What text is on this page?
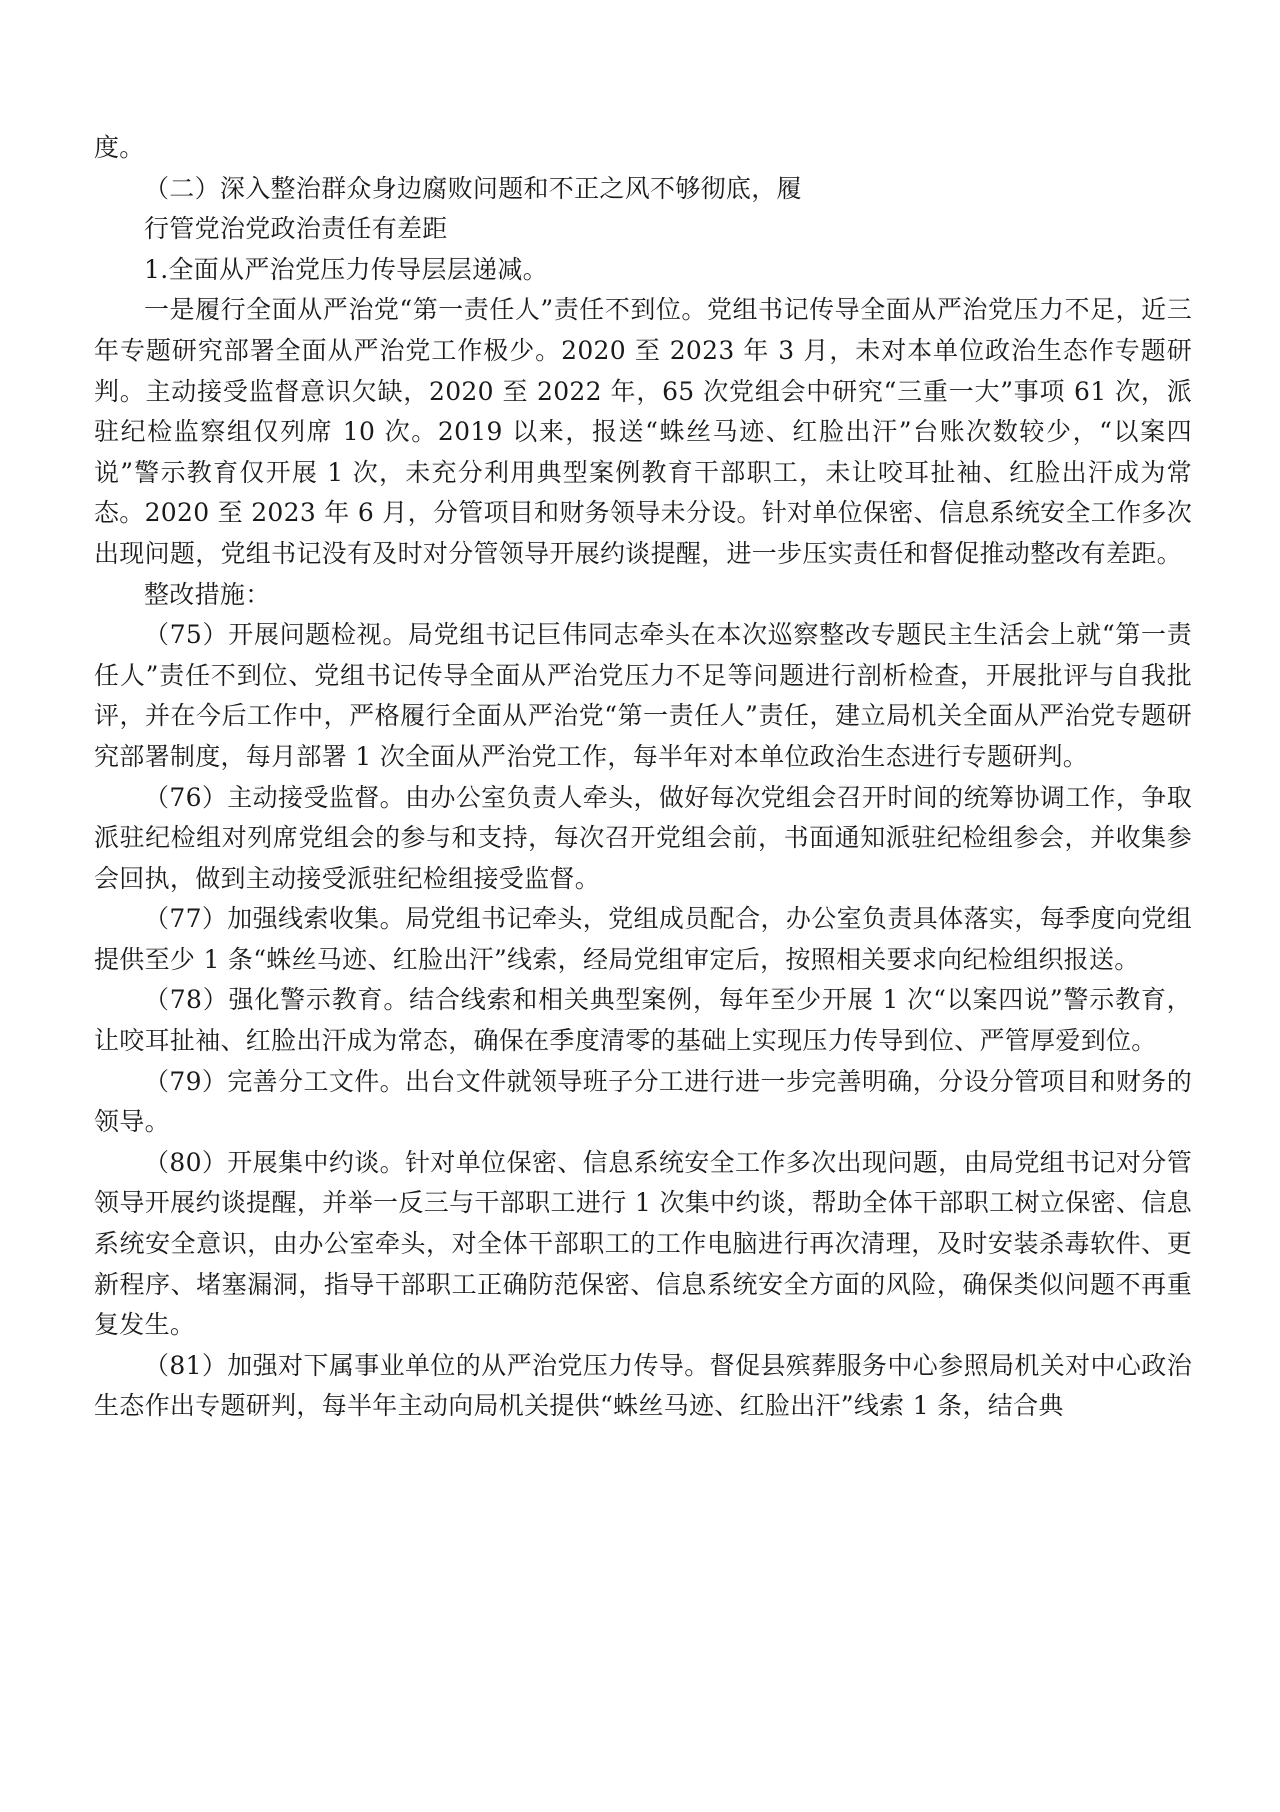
度。

（二）深入整治群众身边腐败问题和不正之风不够彻底，履

行管党治党政治责任有差距

1.全面从严治党压力传导层层递减。

一是履行全面从严治党“第一责任人”责任不到位。党组书记传导全面从严治党压力不足，近三年专题研究部署全面从严治党工作极少。2020 至 2023 年 3 月，未对本单位政治生态作专题研判。主动接受监督意识欠缺，2020 至 2022 年，65 次党组会中研究“三重一大”事项 61 次，派驻纪检监察组仅列席 10 次。2019 以来，报送“蛛丝马迹、红脸出汗”台账次数较少，“以案四说”警示教育仅开展 1 次，未充分利用典型案例教育干部职工，未让咬耳扯袖、红脸出汗成为常态。2020 至 2023 年 6 月，分管项目和财务领导未分设。针对单位保密、信息系统安全工作多次出现问题，党组书记没有及时对分管领导开展约谈提醒，进一步压实责任和督促推动整改有差距。

整改措施：

（75）开展问题检视。局党组书记巨伟同志牵头在本次巡察整改专题民主生活会上就“第一责任人”责任不到位、党组书记传导全面从严治党压力不足等问题进行剖析检查，开展批评与自我批评，并在今后工作中，严格履行全面从严治党“第一责任人”责任，建立局机关全面从严治党专题研究部署制度，每月部署 1 次全面从严治党工作，每半年对本单位政治生态进行专题研判。

（76）主动接受监督。由办公室负责人牵头，做好每次党组会召开时间的统筹协调工作，争取派驻纪检组对列席党组会的参与和支持，每次召开党组会前，书面通知派驻纪检组参会，并收集参会回执，做到主动接受派驻纪检组接受监督。

（77）加强线索收集。局党组书记牵头，党组成员配合，办公室负责具体落实，每季度向党组提供至少 1 条“蛛丝马迹、红脸出汗”线索，经局党组审定后，按照相关要求向纪检组织报送。

（78）强化警示教育。结合线索和相关典型案例，每年至少开展 1 次“以案四说”警示教育，让咬耳扯袖、红脸出汗成为常态，确保在季度清零的基础上实现压力传导到位、严管厚爱到位。

（79）完善分工文件。出台文件就领导班子分工进行进一步完善明确，分设分管项目和财务的领导。

（80）开展集中约谈。针对单位保密、信息系统安全工作多次出现问题，由局党组书记对分管领导开展约谈提醒，并举一反三与干部职工进行 1 次集中约谈，帮助全体干部职工树立保密、信息系统安全意识，由办公室牵头，对全体干部职工的工作电脑进行再次清理，及时安装杀毒软件、更新程序、堵塞漏洞，指导干部职工正确防范保密、信息系统安全方面的风险，确保类似问题不再重复发生。

（81）加强对下属事业单位的从严治党压力传导。督促县殡葬服务中心参照局机关对中心政治生态作出专题研判，每半年主动向局机关提供“蛛丝马迹、红脸出汗”线索 1 条，结合典
